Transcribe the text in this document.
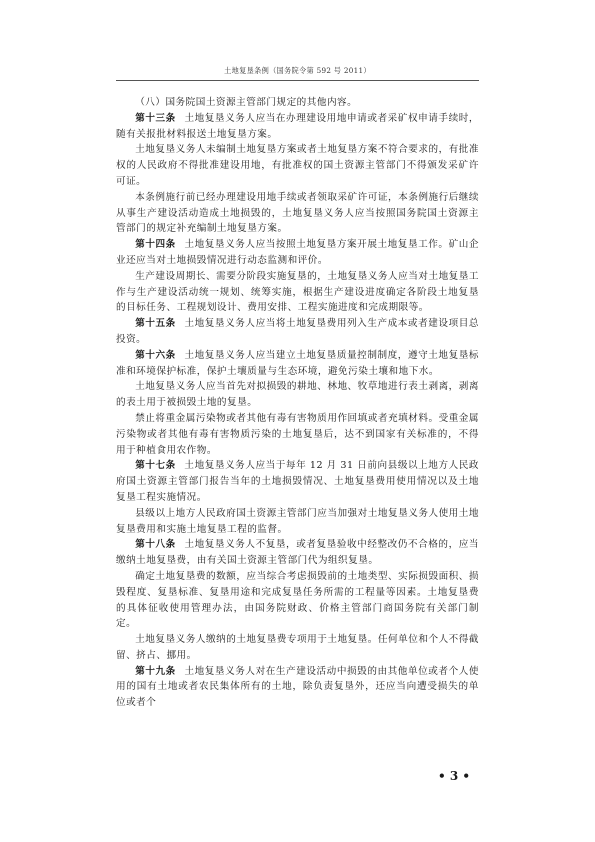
土地复垦条例（国务院令第 592 号 2011）

（八）国务院国土资源主管部门规定的其他内容。

第十三条 土地复垦义务人应当在办理建设用地申请或者采矿权申请手续时，随有关报批材料报送土地复垦方案。

土地复垦义务人未编制土地复垦方案或者土地复垦方案不符合要求的，有批准权的人民政府不得批准建设用地，有批准权的国土资源主管部门不得颁发采矿许可证。

本条例施行前已经办理建设用地手续或者领取采矿许可证，本条例施行后继续从事生产建设活动造成土地损毁的，土地复垦义务人应当按照国务院国土资源主管部门的规定补充编制土地复垦方案。

第十四条 土地复垦义务人应当按照土地复垦方案开展土地复垦工作。矿山企业还应当对土地损毁情况进行动态监测和评价。

生产建设周期长、需要分阶段实施复垦的，土地复垦义务人应当对土地复垦工作与生产建设活动统一规划、统筹实施，根据生产建设进度确定各阶段土地复垦的目标任务、工程规划设计、费用安排、工程实施进度和完成期限等。

第十五条 土地复垦义务人应当将土地复垦费用列入生产成本或者建设项目总投资。

第十六条 土地复垦义务人应当建立土地复垦质量控制制度，遵守土地复垦标准和环境保护标准，保护土壤质量与生态环境，避免污染土壤和地下水。

土地复垦义务人应当首先对拟损毁的耕地、林地、牧草地进行表土剥离，剥离的表土用于被损毁土地的复垦。

禁止将重金属污染物或者其他有毒有害物质用作回填或者充填材料。受重金属污染物或者其他有毒有害物质污染的土地复垦后，达不到国家有关标准的，不得用于种植食用农作物。

第十七条 土地复垦义务人应当于每年 12 月 31 日前向县级以上地方人民政府国土资源主管部门报告当年的土地损毁情况、土地复垦费用使用情况以及土地复垦工程实施情况。

县级以上地方人民政府国土资源主管部门应当加强对土地复垦义务人使用土地复垦费用和实施土地复垦工程的监督。

第十八条 土地复垦义务人不复垦，或者复垦验收中经整改仍不合格的，应当缴纳土地复垦费，由有关国土资源主管部门代为组织复垦。

确定土地复垦费的数额，应当综合考虑损毁前的土地类型、实际损毁面积、损毁程度、复垦标准、复垦用途和完成复垦任务所需的工程量等因素。土地复垦费的具体征收使用管理办法，由国务院财政、价格主管部门商国务院有关部门制定。

土地复垦义务人缴纳的土地复垦费专项用于土地复垦。任何单位和个人不得截留、挤占、挪用。

第十九条 土地复垦义务人对在生产建设活动中损毁的由其他单位或者个人使用的国有土地或者农民集体所有的土地，除负责复垦外，还应当向遭受损失的单位或者个

• 3 •
